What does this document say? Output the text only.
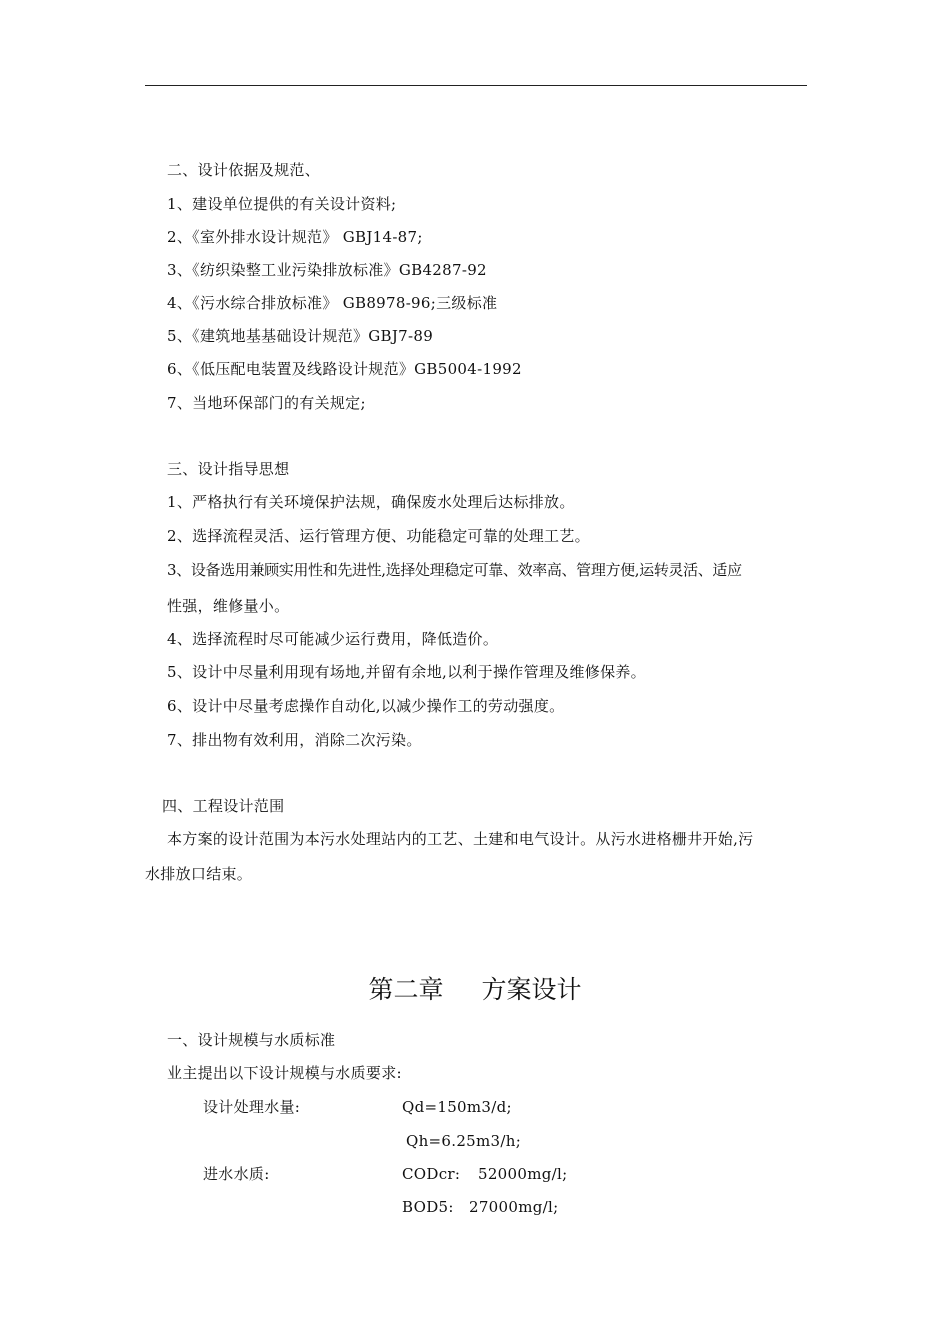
二、设计依据及规范、
1、建设单位提供的有关设计资料;
2、《室外排水设计规范》 GBJ14-87;
3、《纺织染整工业污染排放标准》GB4287-92
4、《污水综合排放标准》 GB8978-96;三级标准
5、《建筑地基基础设计规范》GBJ7-89
6、《低压配电装置及线路设计规范》GB5004-1992
7、当地环保部门的有关规定;
三、设计指导思想
1、严格执行有关环境保护法规，确保废水处理后达标排放。
2、选择流程灵活、运行管理方便、功能稳定可靠的处理工艺。
3、设备选用兼顾实用性和先进性,选择处理稳定可靠、效率高、管理方便,运转灵活、适应
性强，维修量小。
4、选择流程时尽可能减少运行费用，降低造价。
5、设计中尽量利用现有场地,并留有余地,以利于操作管理及维修保养。
6、设计中尽量考虑操作自动化,以减少操作工的劳动强度。
7、排出物有效利用，消除二次污染。
四、工程设计范围
本方案的设计范围为本污水处理站内的工艺、土建和电气设计。从污水进格栅井开始,污
水排放口结束。
第二章 方案设计
一、设计规模与水质标准
业主提出以下设计规模与水质要求:
设计处理水量:	Qd=150m3/d;
Qh=6.25m3/h;
进水水质:	CODcr: 52000mg/l;
BOD5: 27000mg/l;
